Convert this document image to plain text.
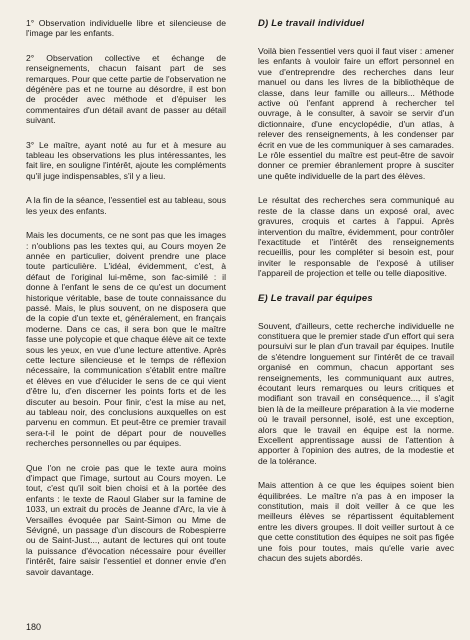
1° Observation individuelle libre et silencieuse de l'image par les enfants.

2° Observation collective et échange de renseignements, chacun faisant part de ses remarques. Pour que cette partie de l'observation ne dégénère pas et ne tourne au désordre, il est bon de procéder avec méthode et d'épuiser les commentaires d'un détail avant de passer au détail suivant.

3° Le maître, ayant noté au fur et à mesure au tableau les observations les plus intéressantes, les fait lire, en souligne l'intérêt, ajoute les compléments qu'il juge indispensables, s'il y a lieu.

A la fin de la séance, l'essentiel est au tableau, sous les yeux des enfants.

Mais les documents, ce ne sont pas que les images : n'oublions pas les textes qui, au Cours moyen 2e année en particulier, doivent prendre une place toute particulière. L'idéal, évidemment, c'est, à défaut de l'original lui-même, son fac-similé : il donne à l'enfant le sens de ce qu'est un document historique véritable, base de toute connaissance du passé. Mais, le plus souvent, on ne disposera que de la copie d'un texte et, généralement, en français moderne. Dans ce cas, il sera bon que le maître fasse une polycopie et que chaque élève ait ce texte sous les yeux, en vue d'une lecture attentive. Après cette lecture silencieuse et le temps de réflexion nécessaire, la communication s'établit entre maître et élèves en vue d'élucider le sens de ce qui vient d'être lu, d'en discerner les points forts et de les discuter au besoin. Pour finir, c'est la mise au net, au tableau noir, des conclusions auxquelles on est parvenu en commun. Et peut-être ce premier travail sera-t-il le point de départ pour de nouvelles recherches personnelles ou par équipes.

Que l'on ne croie pas que le texte aura moins d'impact que l'image, surtout au Cours moyen. Le tout, c'est qu'il soit bien choisi et à la portée des enfants : le texte de Raoul Glaber sur la famine de 1033, un extrait du procès de Jeanne d'Arc, la vie à Versailles évoquée par Saint-Simon ou Mme de Sévigné, un passage d'un discours de Robespierre ou de Saint-Just..., autant de lectures qui ont toute la puissance d'évocation nécessaire pour éveiller l'intérêt, faire saisir l'essentiel et donner envie d'en savoir davantage.

D) Le travail individuel

Voilà bien l'essentiel vers quoi il faut viser : amener les enfants à vouloir faire un effort personnel en vue d'entreprendre des recherches dans leur manuel ou dans les livres de la bibliothèque de classe, dans leur famille ou ailleurs... Méthode active où l'enfant apprend à rechercher tel ouvrage, à le consulter, à savoir se servir d'un dictionnaire, d'une encyclopédie, d'un atlas, à relever des renseignements, à les condenser par écrit en vue de les communiquer à ses camarades. Le rôle essentiel du maître est peut-être de savoir donner ce premier ébranlement propre à susciter une quête individuelle de la part des élèves.

Le résultat des recherches sera communiqué au reste de la classe dans un exposé oral, avec gravures, croquis et cartes à l'appui. Après intervention du maître, évidemment, pour contrôler l'exactitude et l'intérêt des renseignements recueillis, pour les compléter si besoin est, pour inviter le responsable de l'exposé à utiliser l'appareil de projection et telle ou telle diapositive.

E) Le travail par équipes

Souvent, d'ailleurs, cette recherche individuelle ne constituera que le premier stade d'un effort qui sera poursuivi sur le plan d'un travail par équipes. Inutile de s'étendre longuement sur l'intérêt de ce travail organisé en commun, chacun apportant ses renseignements, les communiquant aux autres, écoutant leurs remarques ou leurs critiques et modifiant son travail en conséquence..., il s'agit bien là de la meilleure préparation à la vie moderne où le travail personnel, isolé, est une exception, alors que le travail en équipe est la norme. Excellent apprentissage aussi de l'attention à apporter à l'opinion des autres, de la modestie et de la tolérance.

Mais attention à ce que les équipes soient bien équilibrées. Le maître n'a pas à en imposer la constitution, mais il doit veiller à ce que les meilleurs élèves se répartissent équitablement entre les divers groupes. Il doit veiller surtout à ce que cette constitution des équipes ne soit pas figée une fois pour toutes, mais qu'elle varie avec chacun des sujets abordés.

180
